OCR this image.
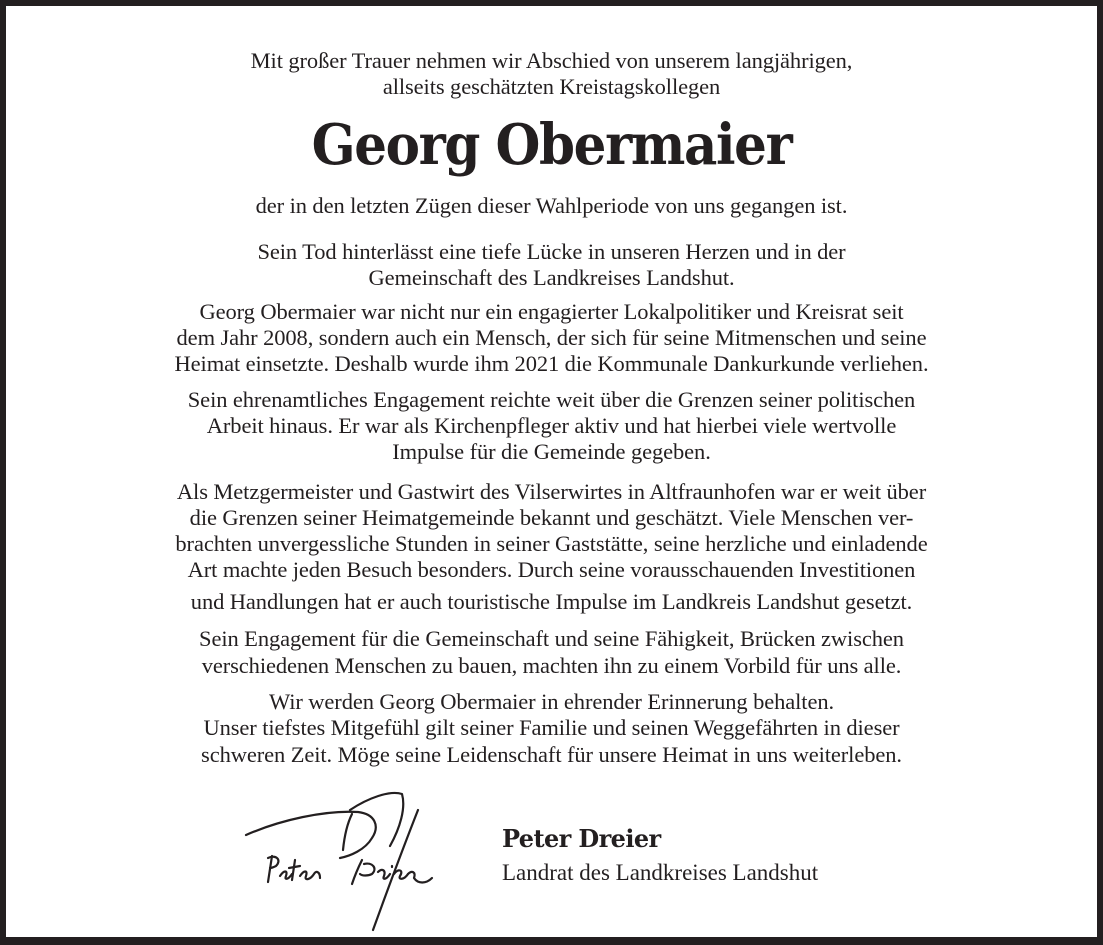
Mit großer Trauer nehmen wir Abschied von unserem langjährigen,
allseits geschätzten Kreistagskollegen
Georg Obermaier
der in den letzten Zügen dieser Wahlperiode von uns gegangen ist.
Sein Tod hinterlässt eine tiefe Lücke in unseren Herzen und in der
Gemeinschaft des Landkreises Landshut.
Georg Obermaier war nicht nur ein engagierter Lokalpolitiker und Kreisrat seit
dem Jahr 2008, sondern auch ein Mensch, der sich für seine Mitmenschen und seine
Heimat einsetzte. Deshalb wurde ihm 2021 die Kommunale Dankurkunde verliehen.
Sein ehrenamtliches Engagement reichte weit über die Grenzen seiner politischen
Arbeit hinaus. Er war als Kirchenpfleger aktiv und hat hierbei viele wertvolle
Impulse für die Gemeinde gegeben.
Als Metzgermeister und Gastwirt des Vilserwirtes in Altfraunhofen war er weit über
die Grenzen seiner Heimatgemeinde bekannt und geschätzt. Viele Menschen ver-
brachten unvergessliche Stunden in seiner Gaststätte, seine herzliche und einladende
Art machte jeden Besuch besonders. Durch seine vorausschauenden Investitionen
und Handlungen hat er auch touristische Impulse im Landkreis Landshut gesetzt.
Sein Engagement für die Gemeinschaft und seine Fähigkeit, Brücken zwischen
verschiedenen Menschen zu bauen, machten ihn zu einem Vorbild für uns alle.
Wir werden Georg Obermaier in ehrender Erinnerung behalten.
Unser tiefstes Mitgefühl gilt seiner Familie und seinen Weggefährten in dieser
schweren Zeit. Möge seine Leidenschaft für unsere Heimat in uns weiterleben.
Peter Dreier
Landrat des Landkreises Landshut
